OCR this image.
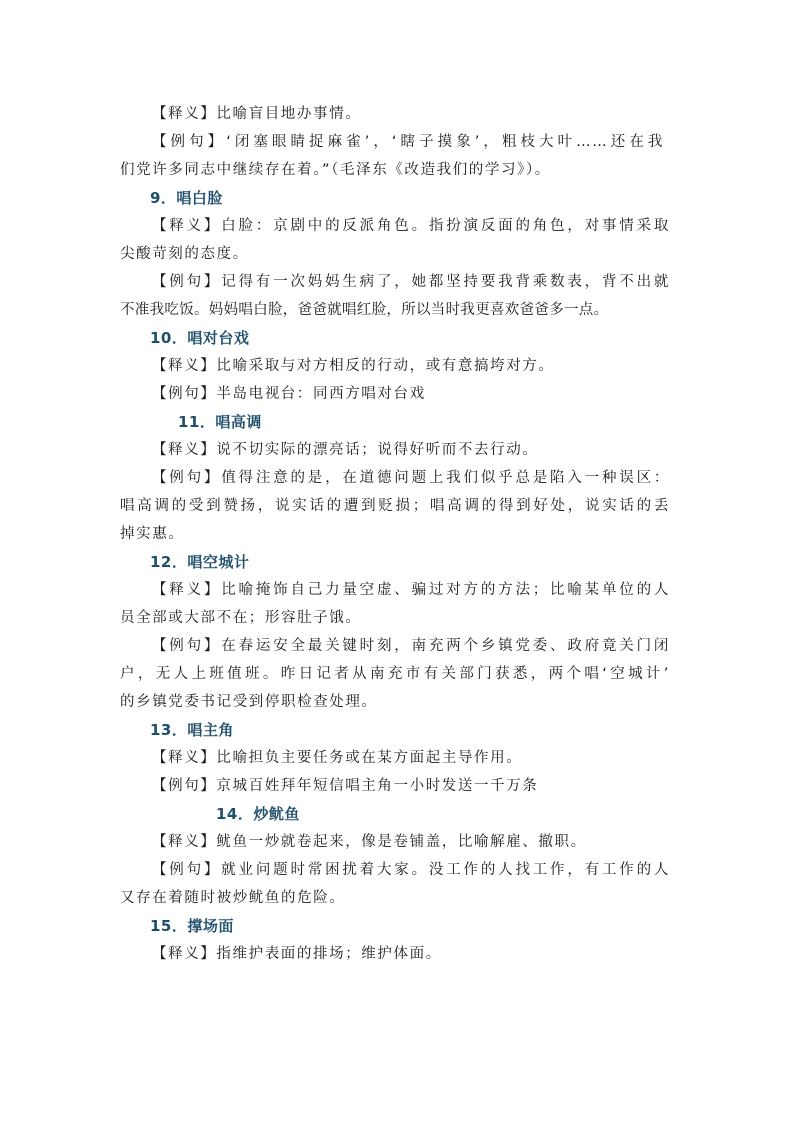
【释义】比喻盲目地办事情。
【例句】‘闭塞眼睛捉麻雀’，‘瞎子摸象’，粗枝大叶……还在我
们党许多同志中继续存在着。”（毛泽东《改造我们的学习》）。
9．唱白脸
【释义】白脸：京剧中的反派角色。指扮演反面的角色，对事情采取
尖酸苛刻的态度。
【例句】记得有一次妈妈生病了，她都坚持要我背乘数表，背不出就
不准我吃饭。妈妈唱白脸，爸爸就唱红脸，所以当时我更喜欢爸爸多一点。
10．唱对台戏
【释义】比喻采取与对方相反的行动，或有意搞垮对方。
【例句】半岛电视台：同西方唱对台戏
11．唱高调
【释义】说不切实际的漂亮话；说得好听而不去行动。
【例句】值得注意的是，在道德问题上我们似乎总是陷入一种误区：
唱高调的受到赞扬，说实话的遭到贬损；唱高调的得到好处，说实话的丢
掉实惠。
12．唱空城计
【释义】比喻掩饰自己力量空虚、骗过对方的方法；比喻某单位的人
员全部或大部不在；形容肚子饿。
【例句】在春运安全最关键时刻，南充两个乡镇党委、政府竟关门闭
户，无人上班值班。昨日记者从南充市有关部门获悉，两个唱‘空城计’
的乡镇党委书记受到停职检查处理。
13．唱主角
【释义】比喻担负主要任务或在某方面起主导作用。
【例句】京城百姓拜年短信唱主角一小时发送一千万条
14．炒鱿鱼
【释义】鱿鱼一炒就卷起来，像是卷铺盖，比喻解雇、撤职。
【例句】就业问题时常困扰着大家。没工作的人找工作，有工作的人
又存在着随时被炒鱿鱼的危险。
15．撑场面
【释义】指维护表面的排场；维护体面。
